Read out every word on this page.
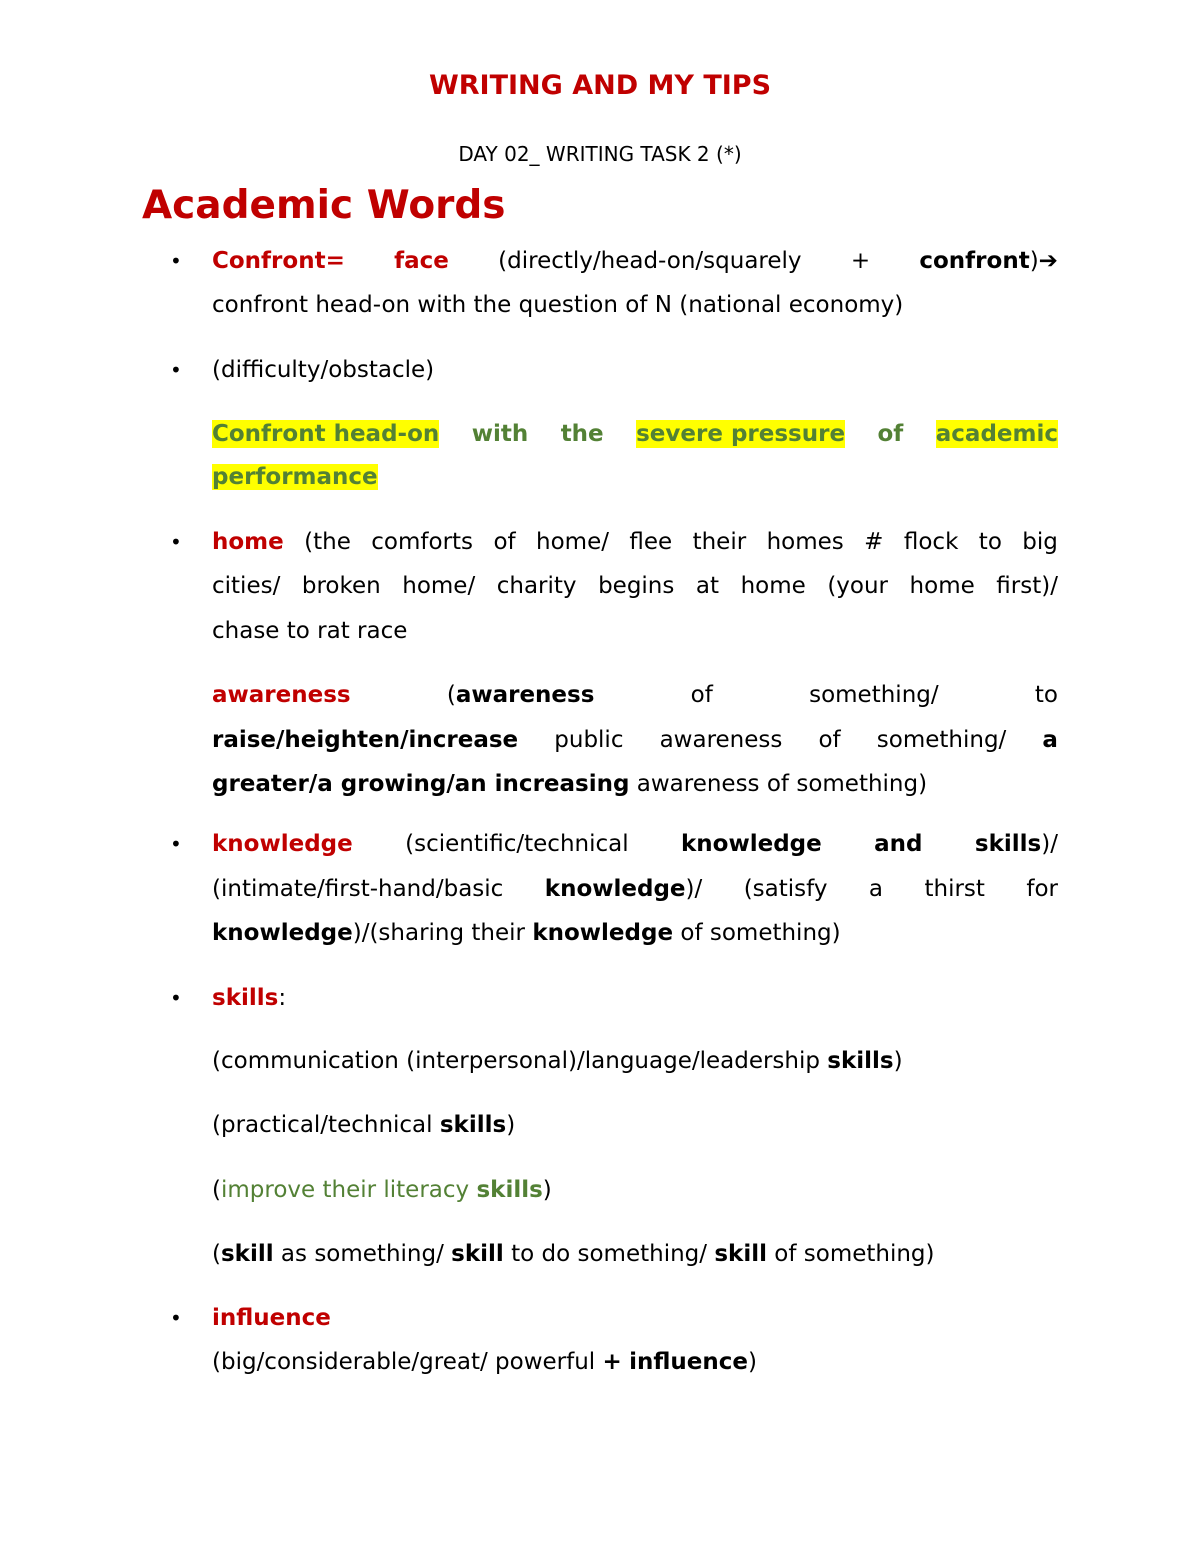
WRITING AND MY TIPS
DAY 02_ WRITING TASK 2 (*)
Academic Words
• Confront= face (directly/head-on/squarely + confront)➔
confront head-on with the question of N (national economy)
• (difficulty/obstacle)
Confront head-on with the severe pressure of academic
performance
• home (the comforts of home/ flee their homes # flock to big
cities/ broken home/ charity begins at home (your home first)/
chase to rat race
awareness	(awareness	of	something/	to
raise/heighten/increase public awareness of something/ a
greater/a growing/an increasing awareness of something)
• knowledge (scientific/technical knowledge and skills)/
(intimate/first-hand/basic knowledge)/ (satisfy a thirst for
knowledge)/(sharing their knowledge of something)
• skills:
(communication (interpersonal)/language/leadership skills)
(practical/technical skills)
(improve their literacy skills)
(skill as something/ skill to do something/ skill of something)
• influence
(big/considerable/great/ powerful + influence)
